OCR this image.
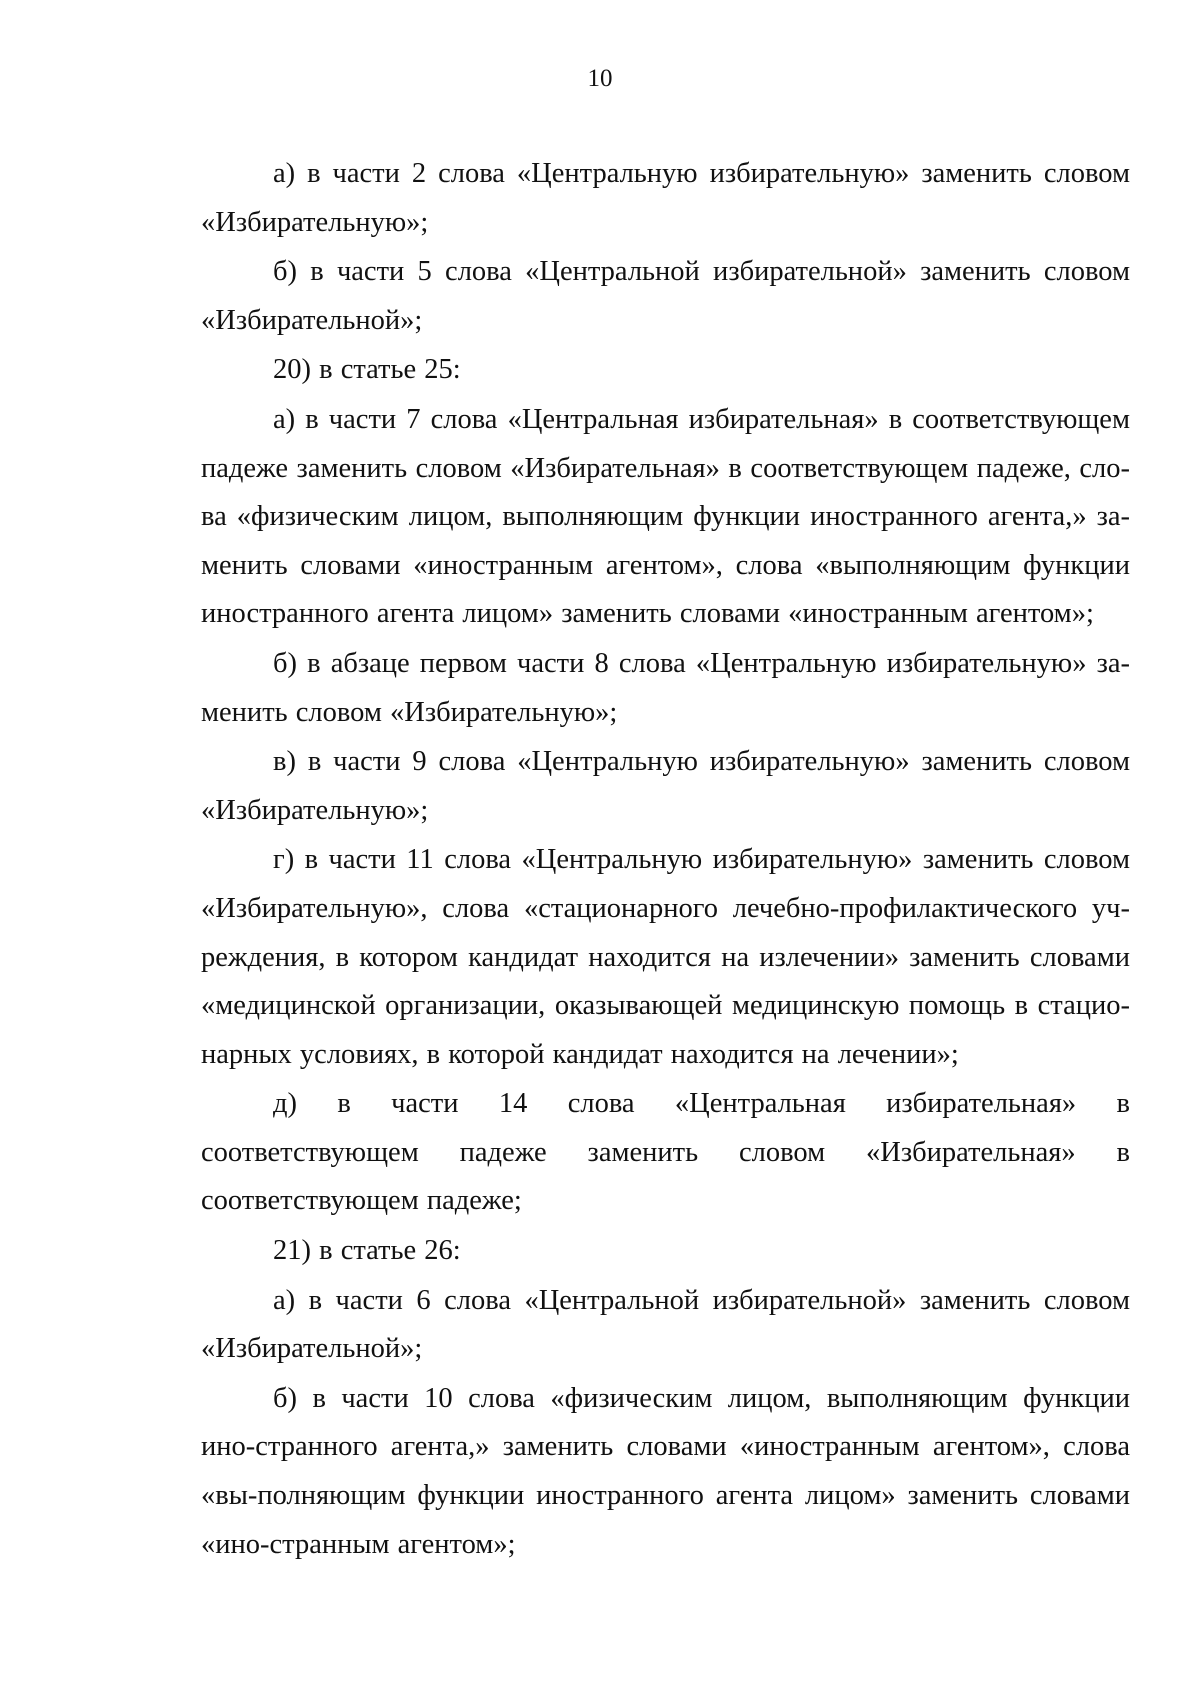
10

а) в части 2 слова «Центральную избирательную» заменить словом «Избирательную»;

б) в части 5 слова «Центральной избирательной» заменить словом «Избирательной»;

20) в статье 25:

а) в части 7 слова «Центральная избирательная» в соответствующем падеже заменить словом «Избирательная» в соответствующем падеже, сло-ва «физическим лицом, выполняющим функции иностранного агента,» за-менить словами «иностранным агентом», слова «выполняющим функции иностранного агента лицом» заменить словами «иностранным агентом»;

б) в абзаце первом части 8 слова «Центральную избирательную» за-менить словом «Избирательную»;

в) в части 9 слова «Центральную избирательную» заменить словом «Избирательную»;

г) в части 11 слова «Центральную избирательную» заменить словом «Избирательную», слова «стационарного лечебно-профилактического уч-реждения, в котором кандидат находится на излечении» заменить словами «медицинской организации, оказывающей медицинскую помощь в стацио-нарных условиях, в которой кандидат находится на лечении»;

д) в части 14 слова «Центральная избирательная» в соответствующем падеже заменить словом «Избирательная» в соответствующем падеже;

21) в статье 26:

а) в части 6 слова «Центральной избирательной» заменить словом «Избирательной»;

б) в части 10 слова «физическим лицом, выполняющим функции ино-странного агента,» заменить словами «иностранным агентом», слова «вы-полняющим функции иностранного агента лицом» заменить словами «ино-странным агентом»;
